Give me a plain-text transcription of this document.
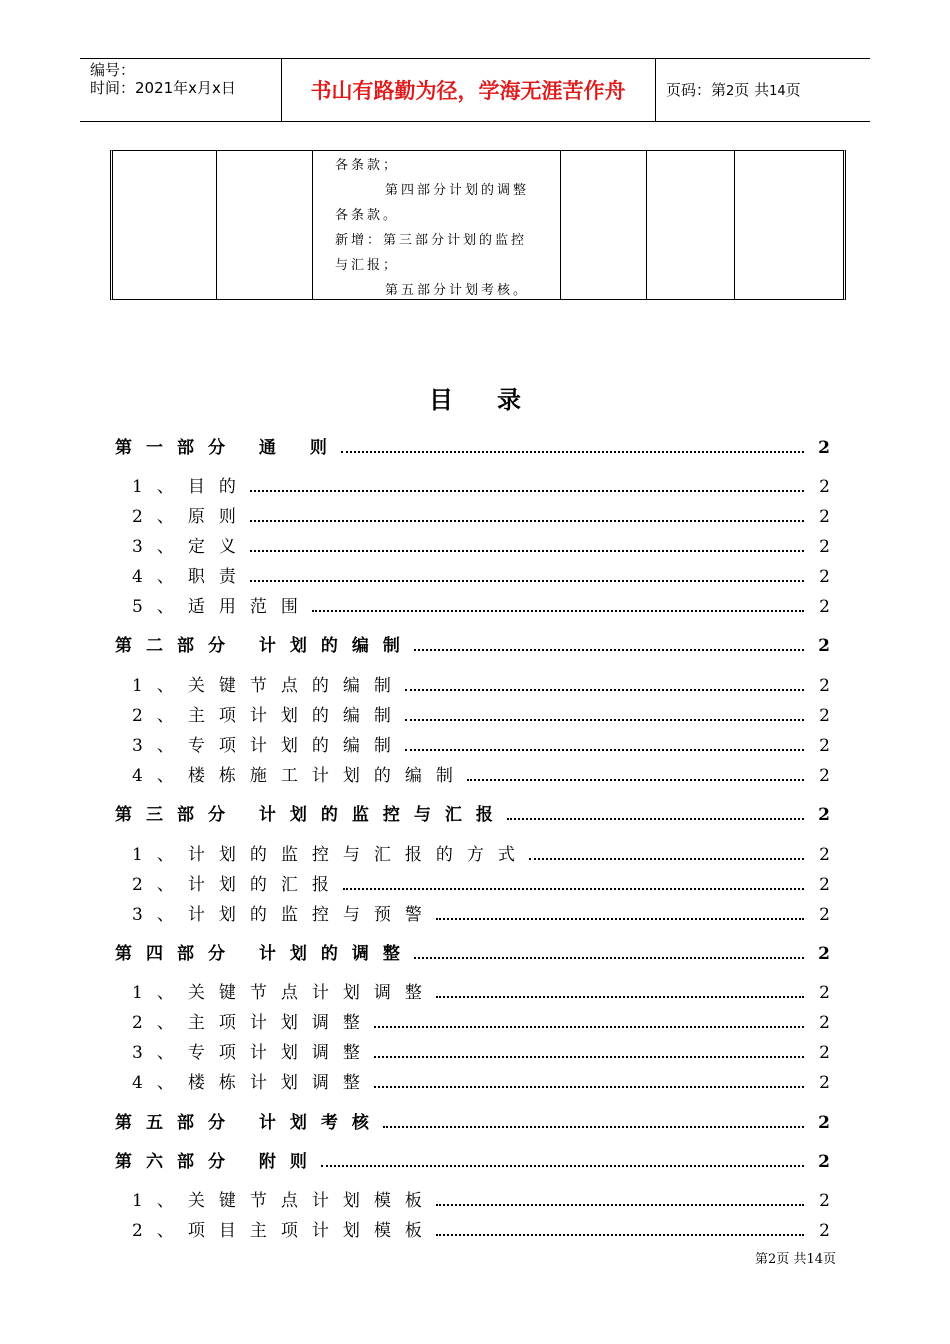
编号：
时间：2021年x月x日	书山有路勤为径，学海无涯苦作舟	页码：第2页 共14页
各条款；
第四部分计划的调整
各条款。
新增：第三部分计划的监控
与汇报；
第五部分计划考核。
目录
第一部分 通 则	2
1、目的	2
2、原则	2
3、定义	2
4、职责	2
5、适用范围	2
第二部分 计划的编制	2
1、关键节点的编制	2
2、主项计划的编制	2
3、专项计划的编制	2
4、楼栋施工计划的编制	2
第三部分 计划的监控与汇报	2
1、计划的监控与汇报的方式	2
2、计划的汇报	2
3、计划的监控与预警	2
第四部分 计划的调整	2
1、关键节点计划调整	2
2、主项计划调整	2
3、专项计划调整	2
4、楼栋计划调整	2
第五部分 计划考核	2
第六部分 附则	2
1、关键节点计划模板	2
2、项目主项计划模板	2
第2页 共14页
